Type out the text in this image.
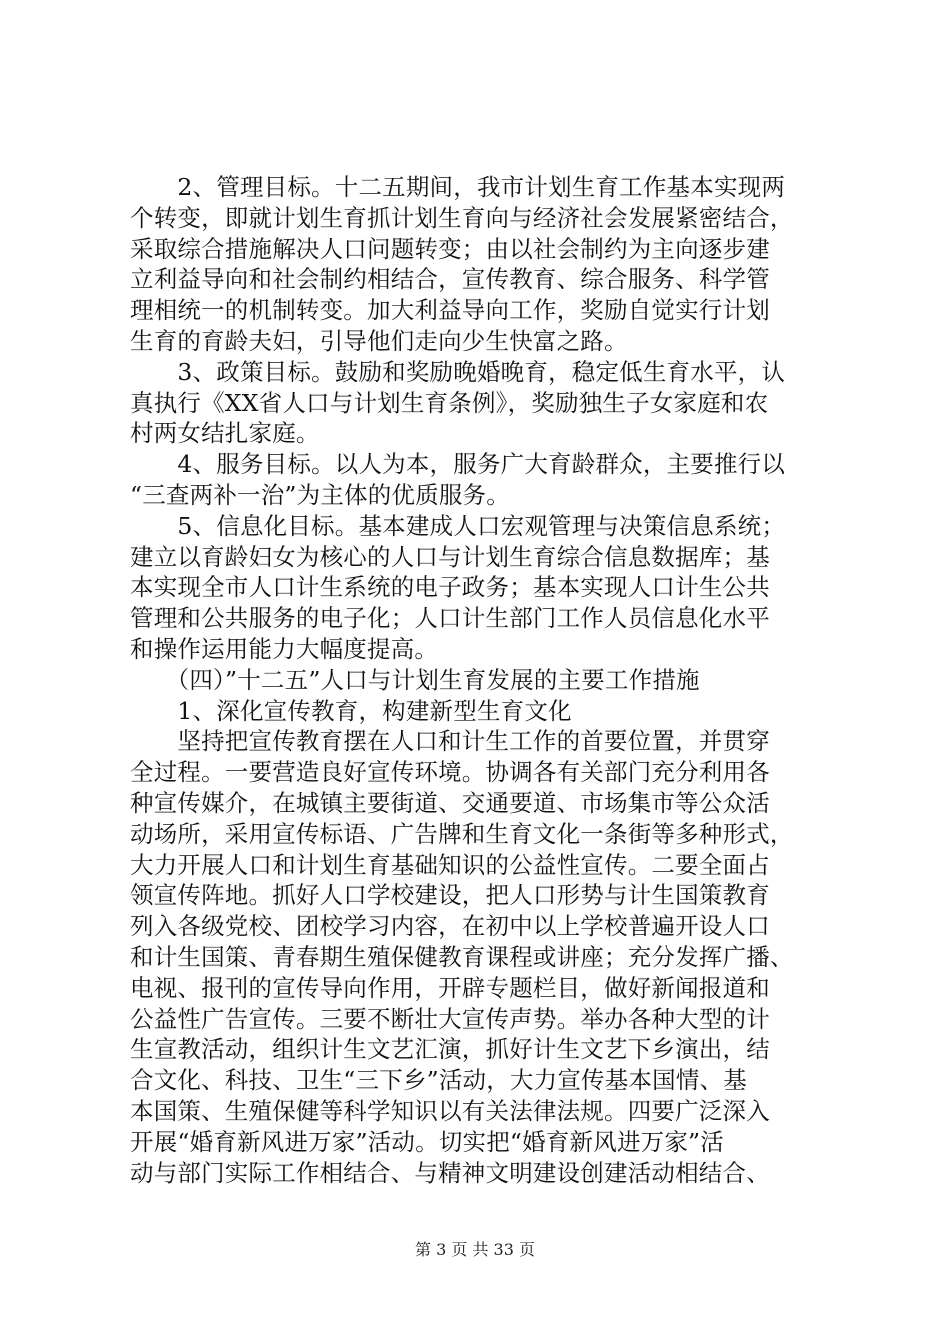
　　2、管理目标。十二五期间，我市计划生育工作基本实现两
个转变，即就计划生育抓计划生育向与经济社会发展紧密结合，
采取综合措施解决人口问题转变；由以社会制约为主向逐步建
立利益导向和社会制约相结合，宣传教育、综合服务、科学管
理相统一的机制转变。加大利益导向工作，奖励自觉实行计划
生育的育龄夫妇，引导他们走向少生快富之路。
　　3、政策目标。鼓励和奖励晚婚晚育，稳定低生育水平，认
真执行《XX省人口与计划生育条例》，奖励独生子女家庭和农
村两女结扎家庭。
　　4、服务目标。以人为本，服务广大育龄群众，主要推行以
“三查两补一治”为主体的优质服务。
　　5、信息化目标。基本建成人口宏观管理与决策信息系统；
建立以育龄妇女为核心的人口与计划生育综合信息数据库；基
本实现全市人口计生系统的电子政务；基本实现人口计生公共
管理和公共服务的电子化；人口计生部门工作人员信息化水平
和操作运用能力大幅度提高。
　　（四）”十二五”人口与计划生育发展的主要工作措施
　　1、深化宣传教育，构建新型生育文化
　　坚持把宣传教育摆在人口和计生工作的首要位置，并贯穿
全过程。一要营造良好宣传环境。协调各有关部门充分利用各
种宣传媒介，在城镇主要街道、交通要道、市场集市等公众活
动场所，采用宣传标语、广告牌和生育文化一条街等多种形式，
大力开展人口和计划生育基础知识的公益性宣传。二要全面占
领宣传阵地。抓好人口学校建设，把人口形势与计生国策教育
列入各级党校、团校学习内容，在初中以上学校普遍开设人口
和计生国策、青春期生殖保健教育课程或讲座；充分发挥广播、
电视、报刊的宣传导向作用，开辟专题栏目，做好新闻报道和
公益性广告宣传。三要不断壮大宣传声势。举办各种大型的计
生宣教活动，组织计生文艺汇演，抓好计生文艺下乡演出，结
合文化、科技、卫生“三下乡”活动，大力宣传基本国情、基
本国策、生殖保健等科学知识以有关法律法规。四要广泛深入
开展“婚育新风进万家”活动。切实把“婚育新风进万家”活
动与部门实际工作相结合、与精神文明建设创建活动相结合、
第 3 页 共 33 页
